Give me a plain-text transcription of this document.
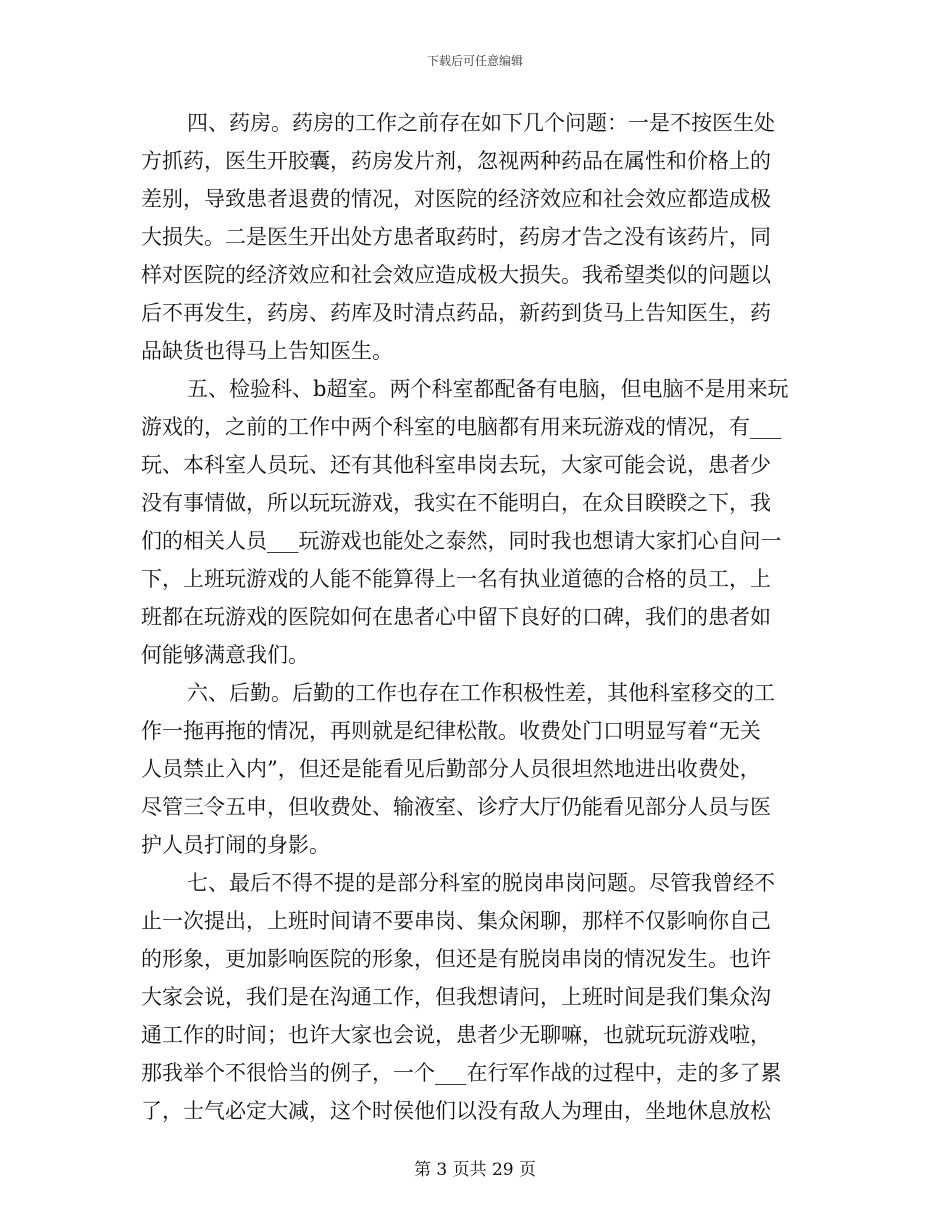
下载后可任意编辑
四、药房。药房的工作之前存在如下几个问题：一是不按医生处
方抓药，医生开胶囊，药房发片剂，忽视两种药品在属性和价格上的
差别，导致患者退费的情况，对医院的经济效应和社会效应都造成极
大损失。二是医生开出处方患者取药时，药房才告之没有该药片，同
样对医院的经济效应和社会效应造成极大损失。我希望类似的问题以
后不再发生，药房、药库及时清点药品，新药到货马上告知医生，药
品缺货也得马上告知医生。
五、检验科、b超室。两个科室都配备有电脑，但电脑不是用来玩
游戏的，之前的工作中两个科室的电脑都有用来玩游戏的情况，有___
玩、本科室人员玩、还有其他科室串岗去玩，大家可能会说，患者少
没有事情做，所以玩玩游戏，我实在不能明白，在众目睽睽之下，我
们的相关人员___玩游戏也能处之泰然，同时我也想请大家扪心自问一
下，上班玩游戏的人能不能算得上一名有执业道德的合格的员工，上
班都在玩游戏的医院如何在患者心中留下良好的口碑，我们的患者如
何能够满意我们。
六、后勤。后勤的工作也存在工作积极性差，其他科室移交的工
作一拖再拖的情况，再则就是纪律松散。收费处门口明显写着“无关
人员禁止入内”，但还是能看见后勤部分人员很坦然地进出收费处，
尽管三令五申，但收费处、输液室、诊疗大厅仍能看见部分人员与医
护人员打闹的身影。
七、最后不得不提的是部分科室的脱岗串岗问题。尽管我曾经不
止一次提出，上班时间请不要串岗、集众闲聊，那样不仅影响你自己
的形象，更加影响医院的形象，但还是有脱岗串岗的情况发生。也许
大家会说，我们是在沟通工作，但我想请问，上班时间是我们集众沟
通工作的时间；也许大家也会说，患者少无聊嘛，也就玩玩游戏啦，
那我举个不很恰当的例子，一个___在行军作战的过程中，走的多了累
了，士气必定大减，这个时侯他们以没有敌人为理由，坐地休息放松
第 3 页共 29 页
